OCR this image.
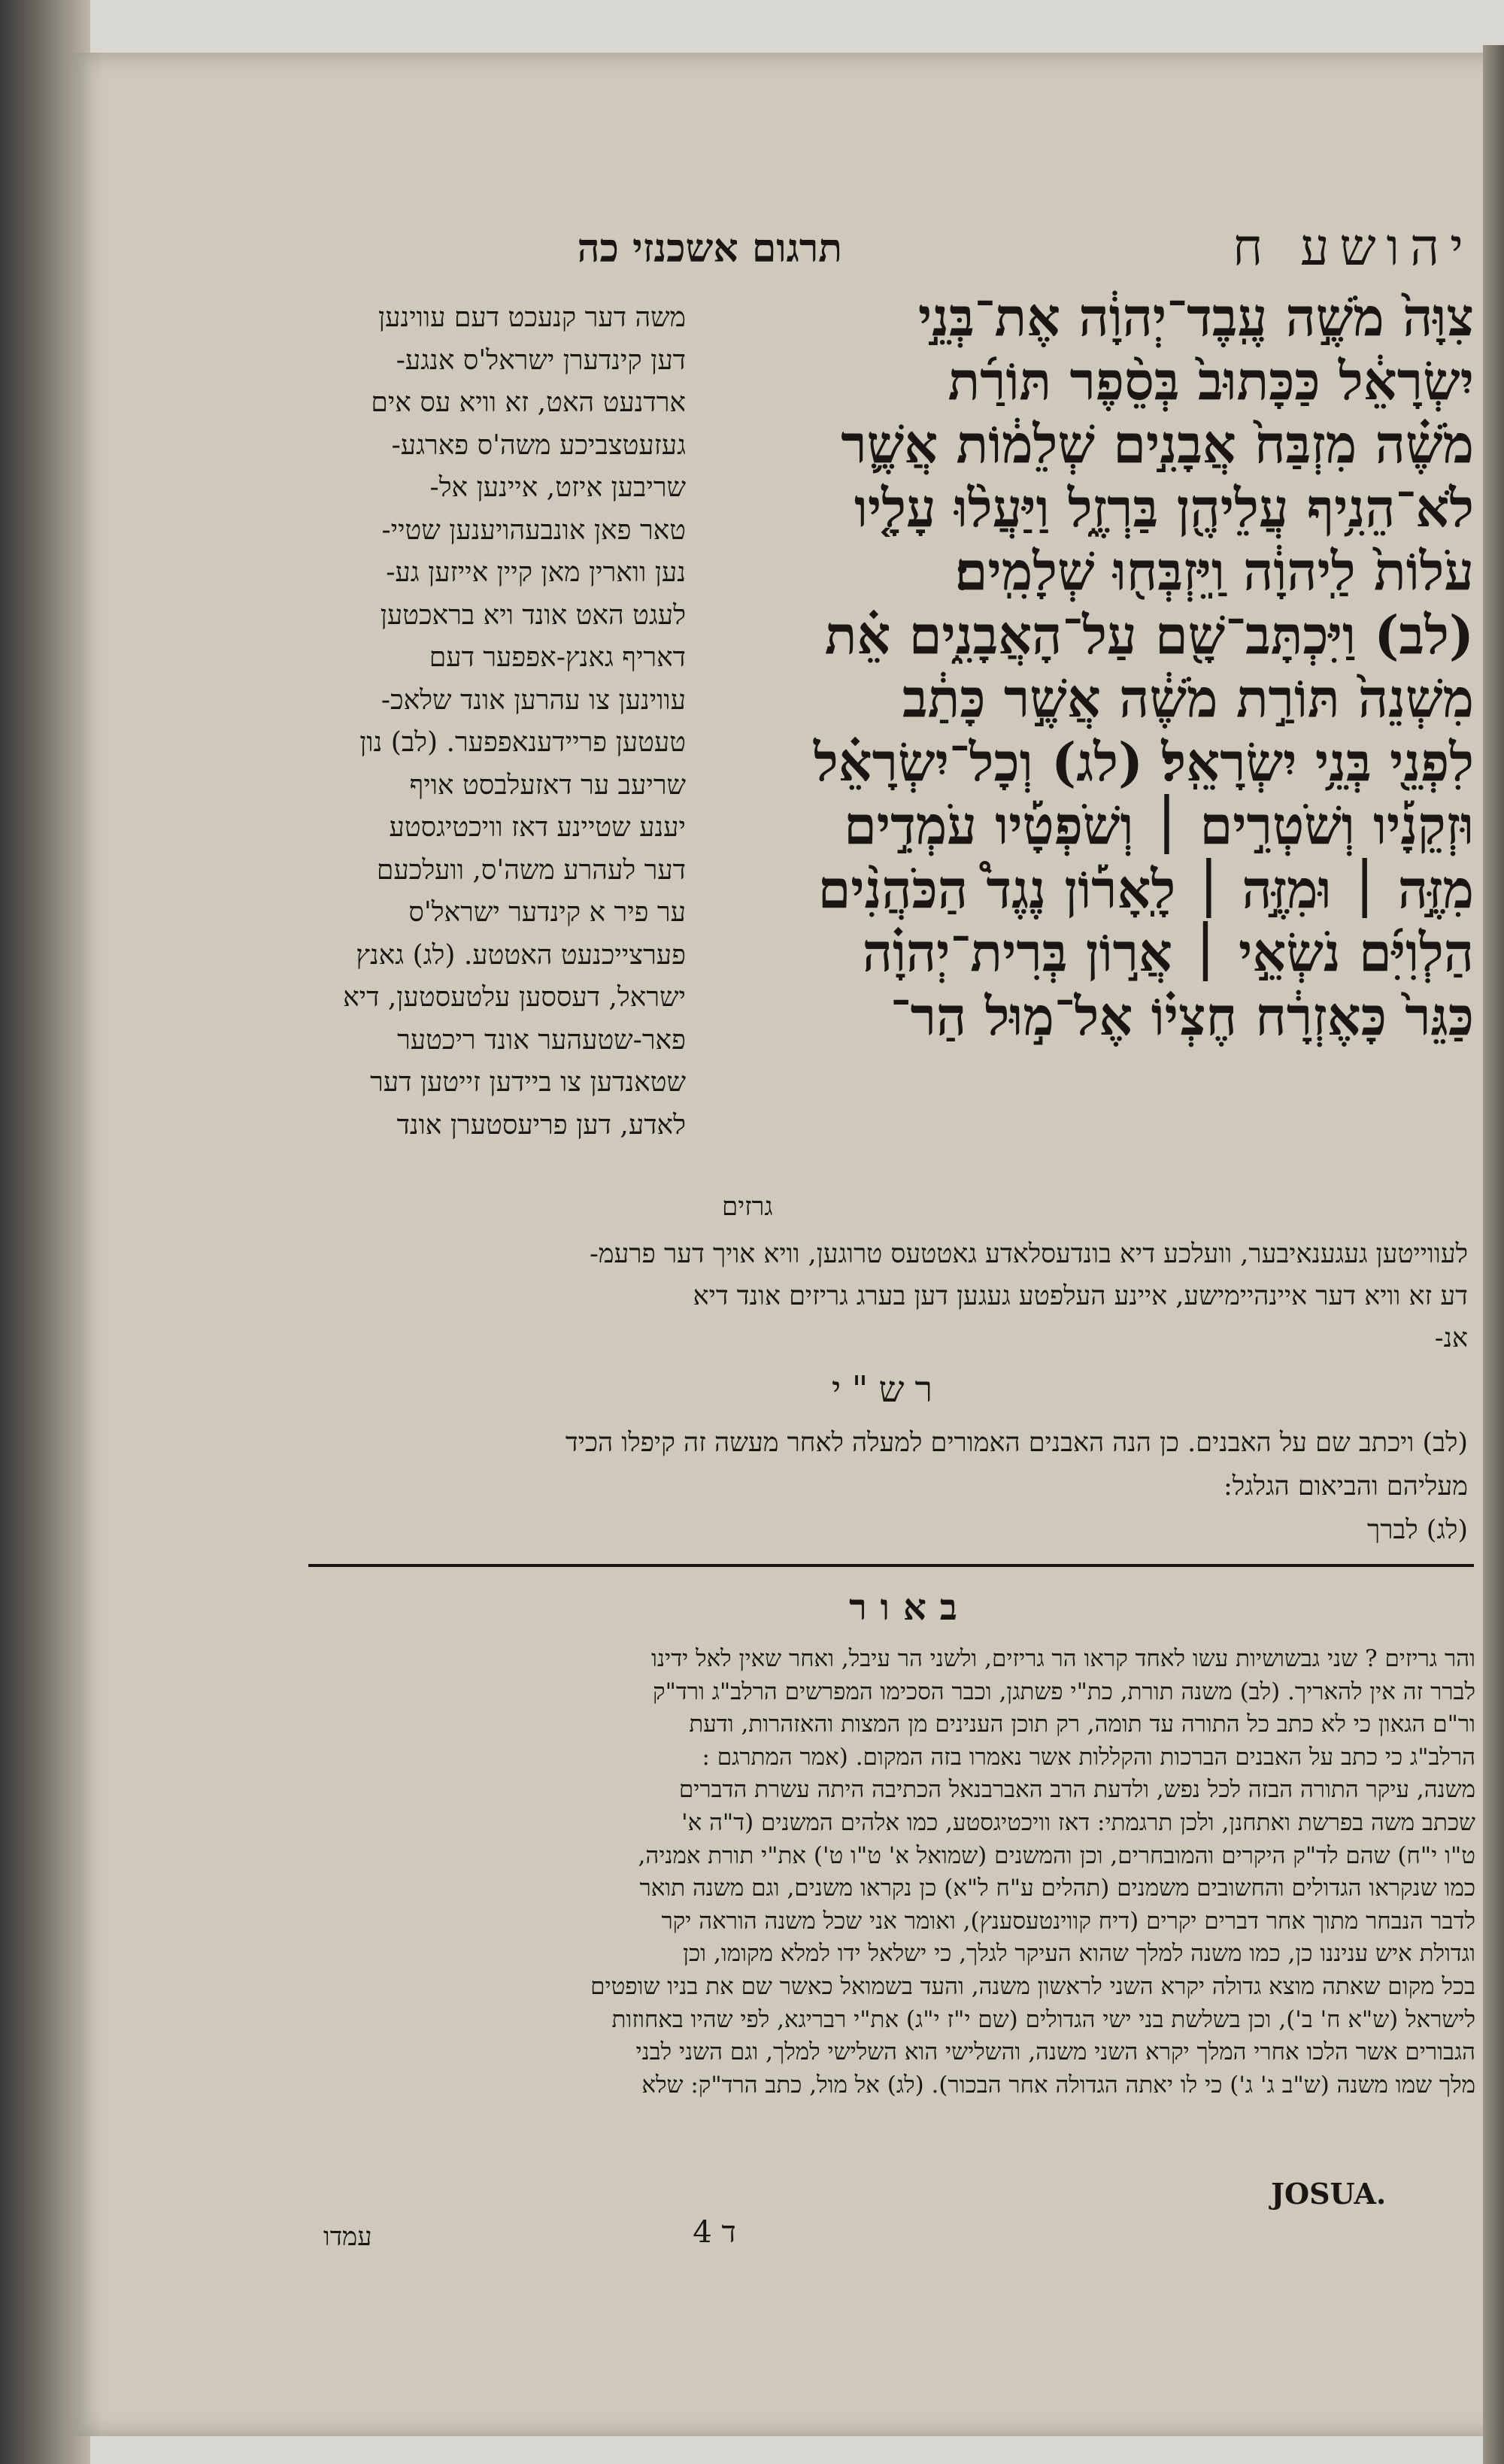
יהושע ח
תרגום אשכנזי כה
צִוָּה֙ מֹשֶׁ֣ה עֶֽבֶד־יְהוָ֔ה אֶת־בְּנֵ֣י
יִשְׂרָאֵ֔ל כַּכָּתוּב֙ בְּסֵ֨פֶר תּוֹרַ֜ת
מֹשֶׁ֗ה מִזְבַּח֙ אֲבָנִ֣ים שְׁלֵמ֔וֹת אֲשֶׁ֛ר
לֹא־הֵנִ֥יף עֲלֵיהֶ֖ן בַּרְזֶ֑ל וַיַּעֲל֨וּ עָלָ֤יו
עֹלוֹת֙ לַֽיהוָ֔ה וַֽיִּזְבְּח֖וּ שְׁלָמִֽים׃
(לב) וַיִּכְתָּב־שָׁ֖ם עַל־הָאֲבָנִ֑ים אֵ֗ת
מִשְׁנֵה֙ תּוֹרַ֣ת מֹשֶׁ֔ה אֲשֶׁ֣ר כָּתַ֔ב
לִפְנֵ֖י בְּנֵ֥י יִשְׂרָאֵֽל׃ (לג) וְכָל־יִשְׂרָאֵ֗ל
וּזְקֵנָ֡יו וְשֹׁטְרִ֣ים ׀ וְשֹׁפְטָ֡יו עֹמְדִ֣ים
מִזֶּ֣ה ׀ וּמִזֶּ֣ה ׀ לָֽאָר֡וֹן נֶגֶד֩ הַכֹּהֲנִ֨ים
הַלְוִיִּ֜ם נֹשְׂאֵ֣י ׀ אֲר֣וֹן בְּרִית־יְהוָ֗ה
כַּגֵּר֙ כָּאֶזְרָ֔ח חֶצְי֗וֹ אֶל־מ֣וּל הַר־
גרזים
משה דער קנעכט דעם עווינען
דען קינדערן ישראל'ס אנגע-
ארדנעט האט, זא וויא עס אים
געזעטצביכע משה'ס פארגע-
שריבען איזט, איינען אל-
טאר פאן אונבעהויענען שטיי-
נען ווארין מאן קיין אייזען גע-
לעגט האט אונד ויא בראכטען
דאריף גאנץ-אפפער דעם
עווינען צו עהרען אונד שלאכ-
טעטען פריידענאפפער. (לב) נון
שריעב ער דאזעלבסט אויף
יענע שטיינע דאז וויכטיגסטע
דער לעהרע משה'ס, וועלכעם
ער פיר א קינדער ישראל'ס
פערצייכנעט האטטע. (לג) גאנץ
ישראל, דעססען עלטעסטען, דיא
פאר-שטעהער אונד ריכטער
שטאנדען צו ביידען זייטען דער
לאדע, דען פריעסטערן אונד
לעווייטען געגענאיבער, וועלכע דיא בונדעסלאדע גאטטעס טרוגען, וויא אויך דער פרעמ-
דע זא וויא דער איינהיימישע, איינע העלפטע געגען דען בערג גריזים אונד דיא
אנ-
רש"י
(לב) ויכתב שם על האבנים. כן הנה האבנים האמורים למעלה לאחר מעשה זה קיפלו הכיד
מעליהם והביאום הגלגל:
(לג) לברך
באור
והר גריזים ? שני גבשושיות עשו לאחד קראו הר גריזים, ולשני הר עיבל, ואחר שאין לאל ידינו
לברר זה אין להאריך. (לב) משנה תורת, כת"י פשתגן, וכבר הסכימו המפרשים הרלב"ג ורד"ק
ור"ם הגאון כי לא כתב כל התורה עד תומה, רק תוכן הענינים מן המצות והאזהרות, ודעת
הרלב"ג כי כתב על האבנים הברכות והקללות אשר נאמרו בזה המקום. (אמר המתרגם :
משנה, עיקר התורה הבזה לכל נפש, ולדעת הרב האברבנאל הכתיבה היתה עשרת הדברים
שכתב משה בפרשת ואתחנן, ולכן תרגמתי: דאז וויכטיגסטע, כמו אלהים המשנים (ד"ה א'
ט"ו י"ח) שהם לד"ק היקרים והמובחרים, וכן והמשנים (שמואל א' ט"ו ט') את"י תורת אמניה,
כמו שנקראו הגדולים והחשובים משמנים (תהלים ע"ח ל"א) כן נקראו משנים, וגם משנה תואר
לדבר הנבחר מתוך אחר דברים יקרים (דיח קווינטעסענץ), ואומר אני שכל משנה הוראה יקר
וגדולת איש עניננו כן, כמו משנה למלך שהוא העיקר לגלך, כי ישלאל ידו למלא מקומו, וכן
בכל מקום שאתה מוצא גדולה יקרא השני לראשון משנה, והעד בשמואל כאשר שם את בניו שופטים
לישראל (ש"א ח' ב'), וכן בשלשת בני ישי הגדולים (שם י"ז י"ג) את"י רבריגא, לפי שהיו באחוזות
הגבורים אשר הלכו אחרי המלך יקרא השני משנה, והשלישי הוא השלישי למלך, וגם השני לבני
מלך שמו משנה (ש"ב ג' ג') כי לו יאתה הגדולה אחר הבכור). (לג) אל מול, כתב הרד"ק: שלא
JOSUA.
עמדו	ד 4
